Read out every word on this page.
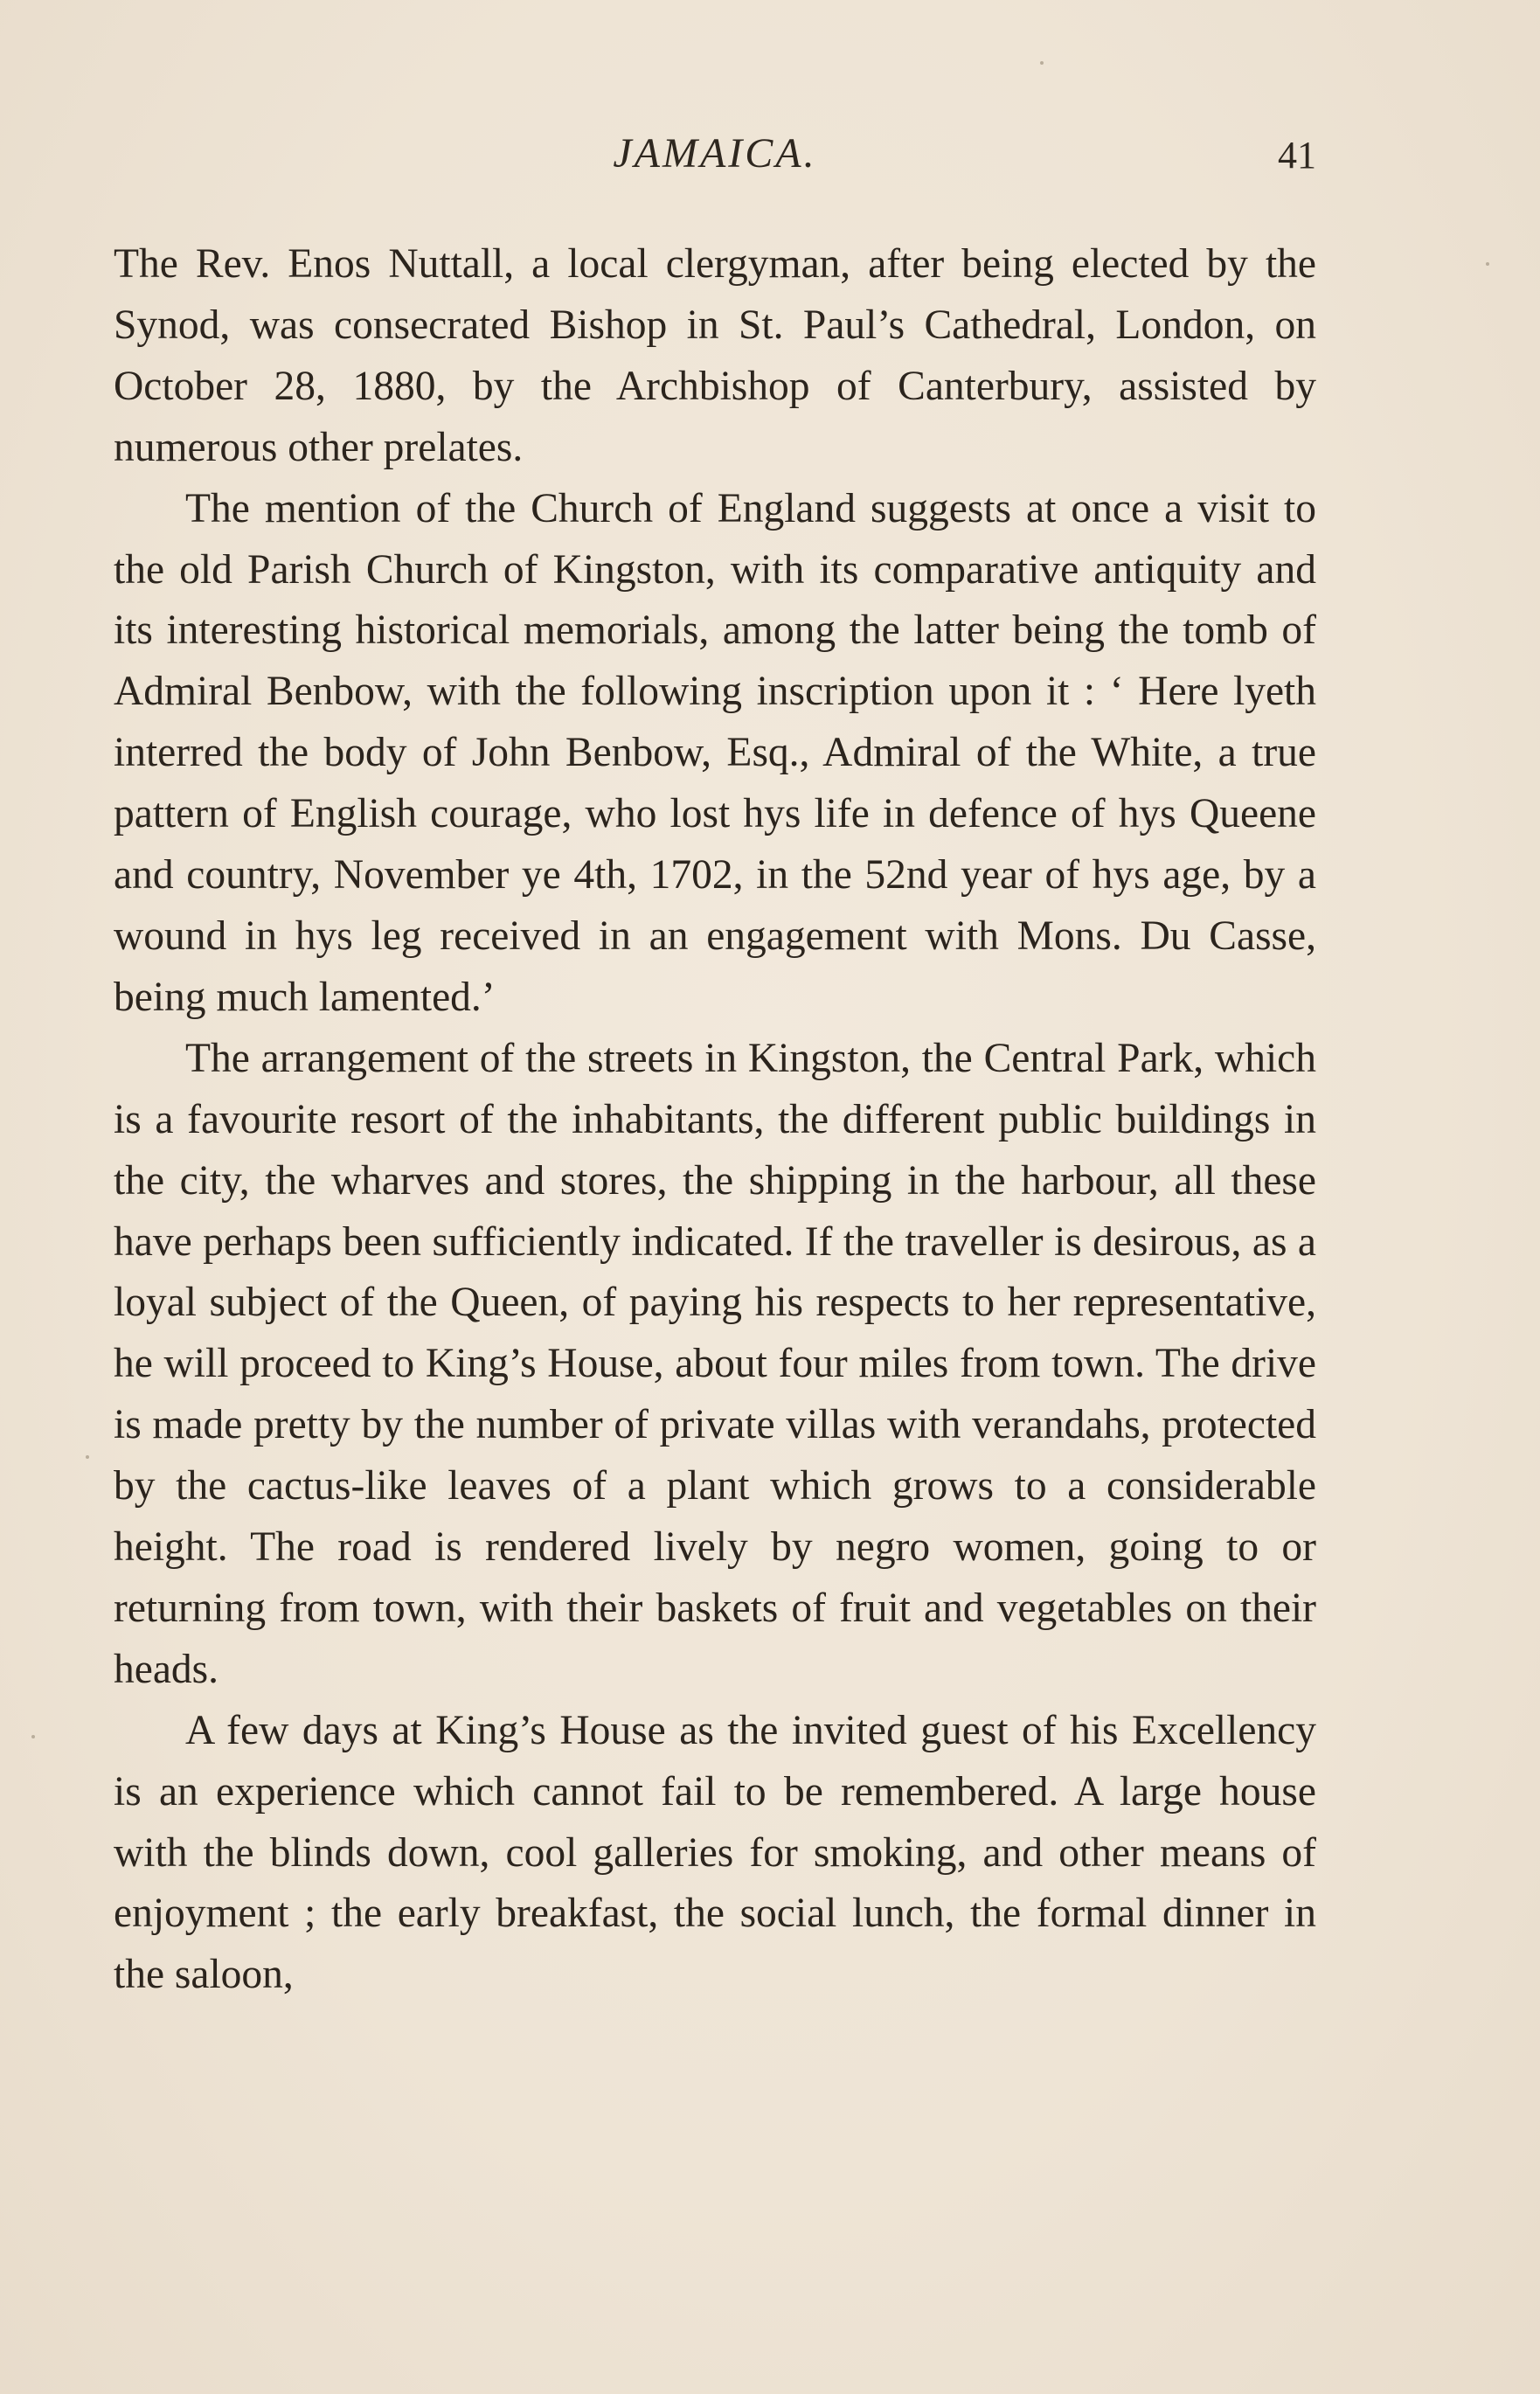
JAMAICA.	41

The Rev. Enos Nuttall, a local clergyman, after being elected by the Synod, was consecrated Bishop in St. Paul’s Cathedral, London, on October 28, 1880, by the Archbishop of Canterbury, assisted by numerous other prelates.

The mention of the Church of England suggests at once a visit to the old Parish Church of Kingston, with its comparative antiquity and its interesting historical memorials, among the latter being the tomb of Admiral Benbow, with the following inscription upon it : ‘ Here lyeth interred the body of John Benbow, Esq., Admiral of the White, a true pattern of English courage, who lost hys life in defence of hys Queene and country, November ye 4th, 1702, in the 52nd year of hys age, by a wound in hys leg received in an engagement with Mons. Du Casse, being much lamented.’

The arrangement of the streets in Kingston, the Central Park, which is a favourite resort of the inhabitants, the different public buildings in the city, the wharves and stores, the shipping in the harbour, all these have perhaps been sufficiently indicated. If the traveller is desirous, as a loyal subject of the Queen, of paying his respects to her representative, he will proceed to King’s House, about four miles from town. The drive is made pretty by the number of private villas with verandahs, protected by the cactus-like leaves of a plant which grows to a considerable height. The road is rendered lively by negro women, going to or returning from town, with their baskets of fruit and vegetables on their heads.

A few days at King’s House as the invited guest of his Excellency is an experience which cannot fail to be remembered. A large house with the blinds down, cool galleries for smoking, and other means of enjoyment ; the early breakfast, the social lunch, the formal dinner in the saloon,
